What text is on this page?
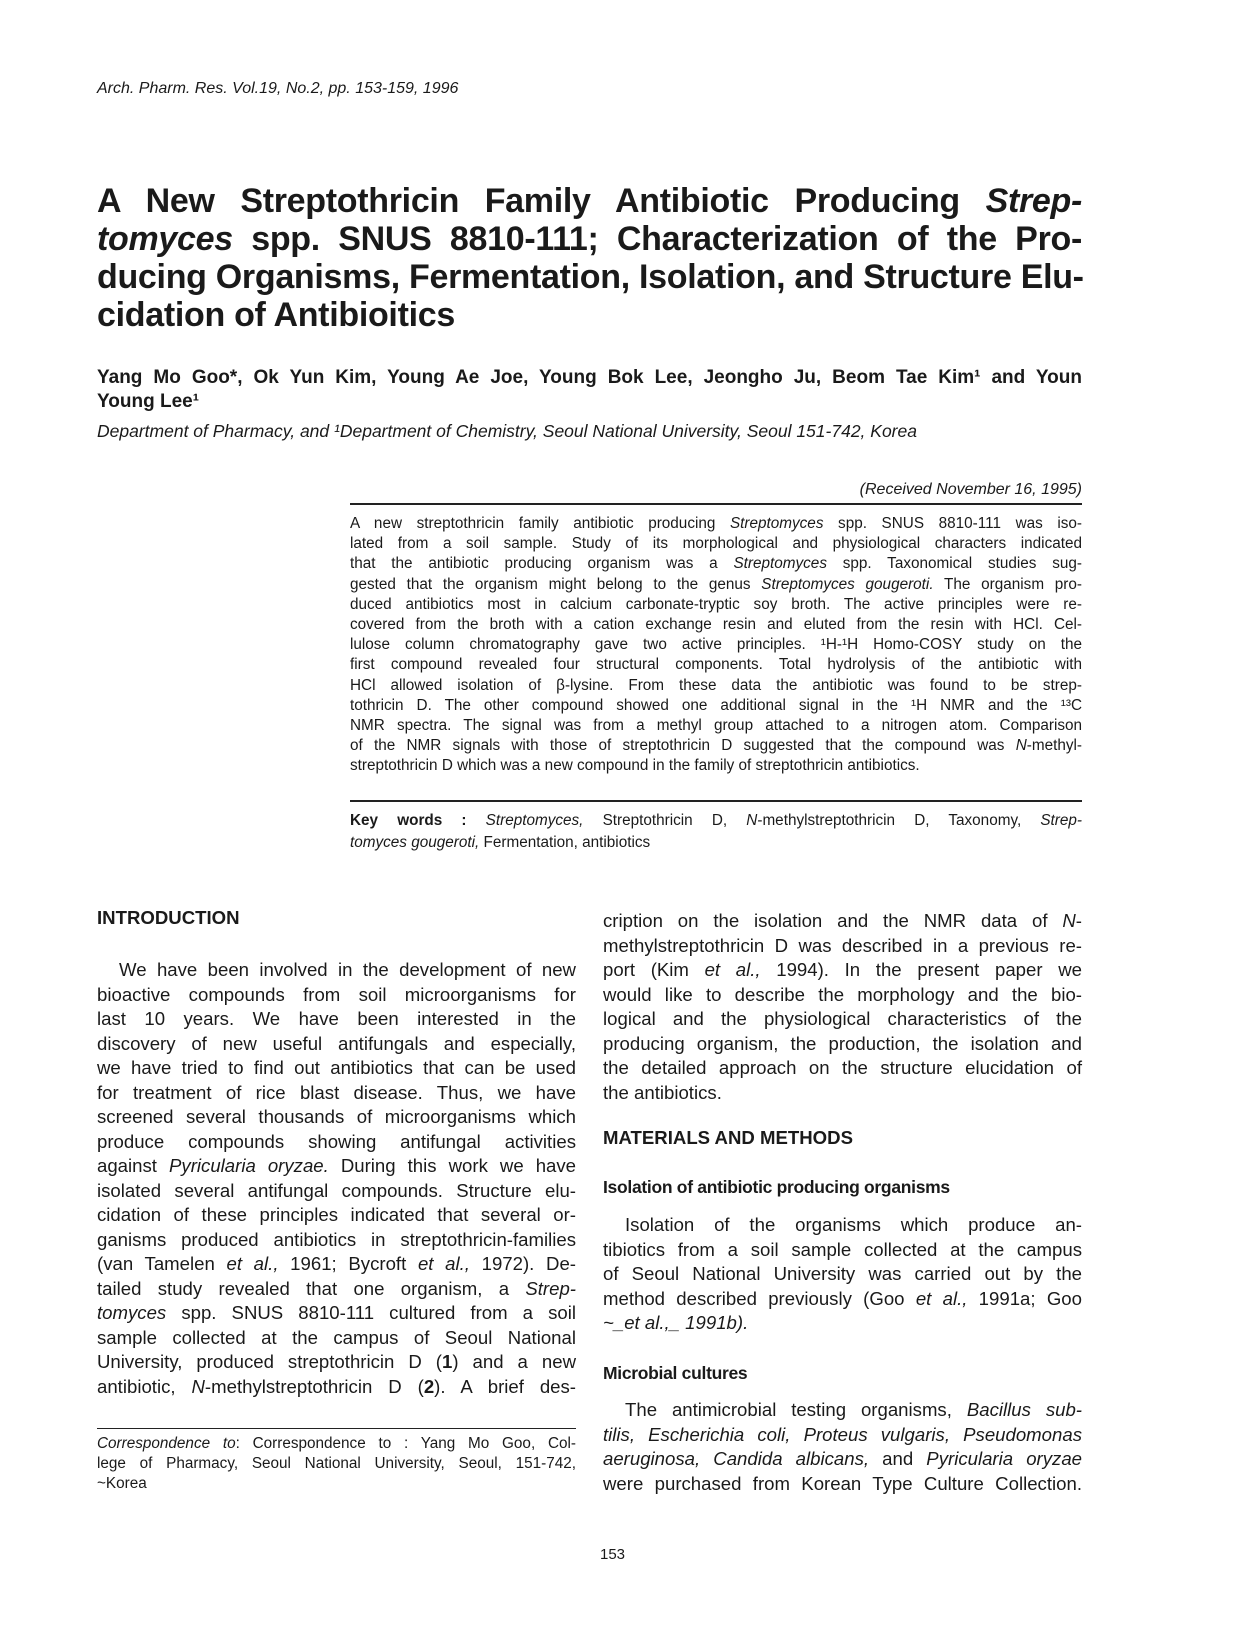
Arch. Pharm. Res. Vol.19, No.2, pp. 153-159, 1996
A New Streptothricin Family Antibiotic Producing Strep-
tomyces spp. SNUS 8810-111; Characterization of the Pro-
ducing Organisms, Fermentation, Isolation, and Structure Elu-
cidation of Antibioitics
Yang Mo Goo*, Ok Yun Kim, Young Ae Joe, Young Bok Lee, Jeongho Ju, Beom Tae Kim¹ and Youn
Young Lee¹
Department of Pharmacy, and ¹Department of Chemistry, Seoul National University, Seoul 151-742, Korea
(Received November 16, 1995)
A new streptothricin family antibiotic producing Streptomyces spp. SNUS 8810-111 was iso-
lated from a soil sample. Study of its morphological and physiological characters indicated
that the antibiotic producing organism was a Streptomyces spp. Taxonomical studies sug-
gested that the organism might belong to the genus Streptomyces gougeroti. The organism pro-
duced antibiotics most in calcium carbonate-tryptic soy broth. The active principles were re-
covered from the broth with a cation exchange resin and eluted from the resin with HCl. Cel-
lulose column chromatography gave two active principles. ¹H-¹H Homo-COSY study on the
first compound revealed four structural components. Total hydrolysis of the antibiotic with
HCl allowed isolation of β-lysine. From these data the antibiotic was found to be strep-
tothricin D. The other compound showed one additional signal in the ¹H NMR and the ¹³C
NMR spectra. The signal was from a methyl group attached to a nitrogen atom. Comparison
of the NMR signals with those of streptothricin D suggested that the compound was N-methyl-
streptothricin D which was a new compound in the family of streptothricin antibiotics.
Key words : Streptomyces, Streptothricin D, N-methylstreptothricin D, Taxonomy, Strep-
tomyces gougeroti, Fermentation, antibiotics
INTRODUCTION
We have been involved in the development of new
bioactive compounds from soil microorganisms for
last 10 years. We have been interested in the
discovery of new useful antifungals and especially,
we have tried to find out antibiotics that can be used
for treatment of rice blast disease. Thus, we have
screened several thousands of microorganisms which
produce compounds showing antifungal activities
against Pyricularia oryzae. During this work we have
isolated several antifungal compounds. Structure elu-
cidation of these principles indicated that several or-
ganisms produced antibiotics in streptothricin-families
(van Tamelen et al., 1961; Bycroft et al., 1972). De-
tailed study revealed that one organism, a Strep-
tomyces spp. SNUS 8810-111 cultured from a soil
sample collected at the campus of Seoul National
University, produced streptothricin D (1) and a new
antibiotic, N-methylstreptothricin D (2). A brief des-
cription on the isolation and the NMR data of N-
methylstreptothricin D was described in a previous re-
port (Kim et al., 1994). In the present paper we
would like to describe the morphology and the bio-
logical and the physiological characteristics of the
producing organism, the production, the isolation and
the detailed approach on the structure elucidation of
the antibiotics.
MATERIALS AND METHODS
Isolation of antibiotic producing organisms
Isolation of the organisms which produce an-
tibiotics from a soil sample collected at the campus
of Seoul National University was carried out by the
method described previously (Goo et al., 1991a; Goo
~_et al.,_ 1991b).
Microbial cultures
The antimicrobial testing organisms, Bacillus sub-
tilis, Escherichia coli, Proteus vulgaris, Pseudomonas
aeruginosa, Candida albicans, and Pyricularia oryzae
were purchased from Korean Type Culture Collection.
Correspondence to: Correspondence to : Yang Mo Goo, Col-
lege of Pharmacy, Seoul National University, Seoul, 151-742,
~Korea
153
